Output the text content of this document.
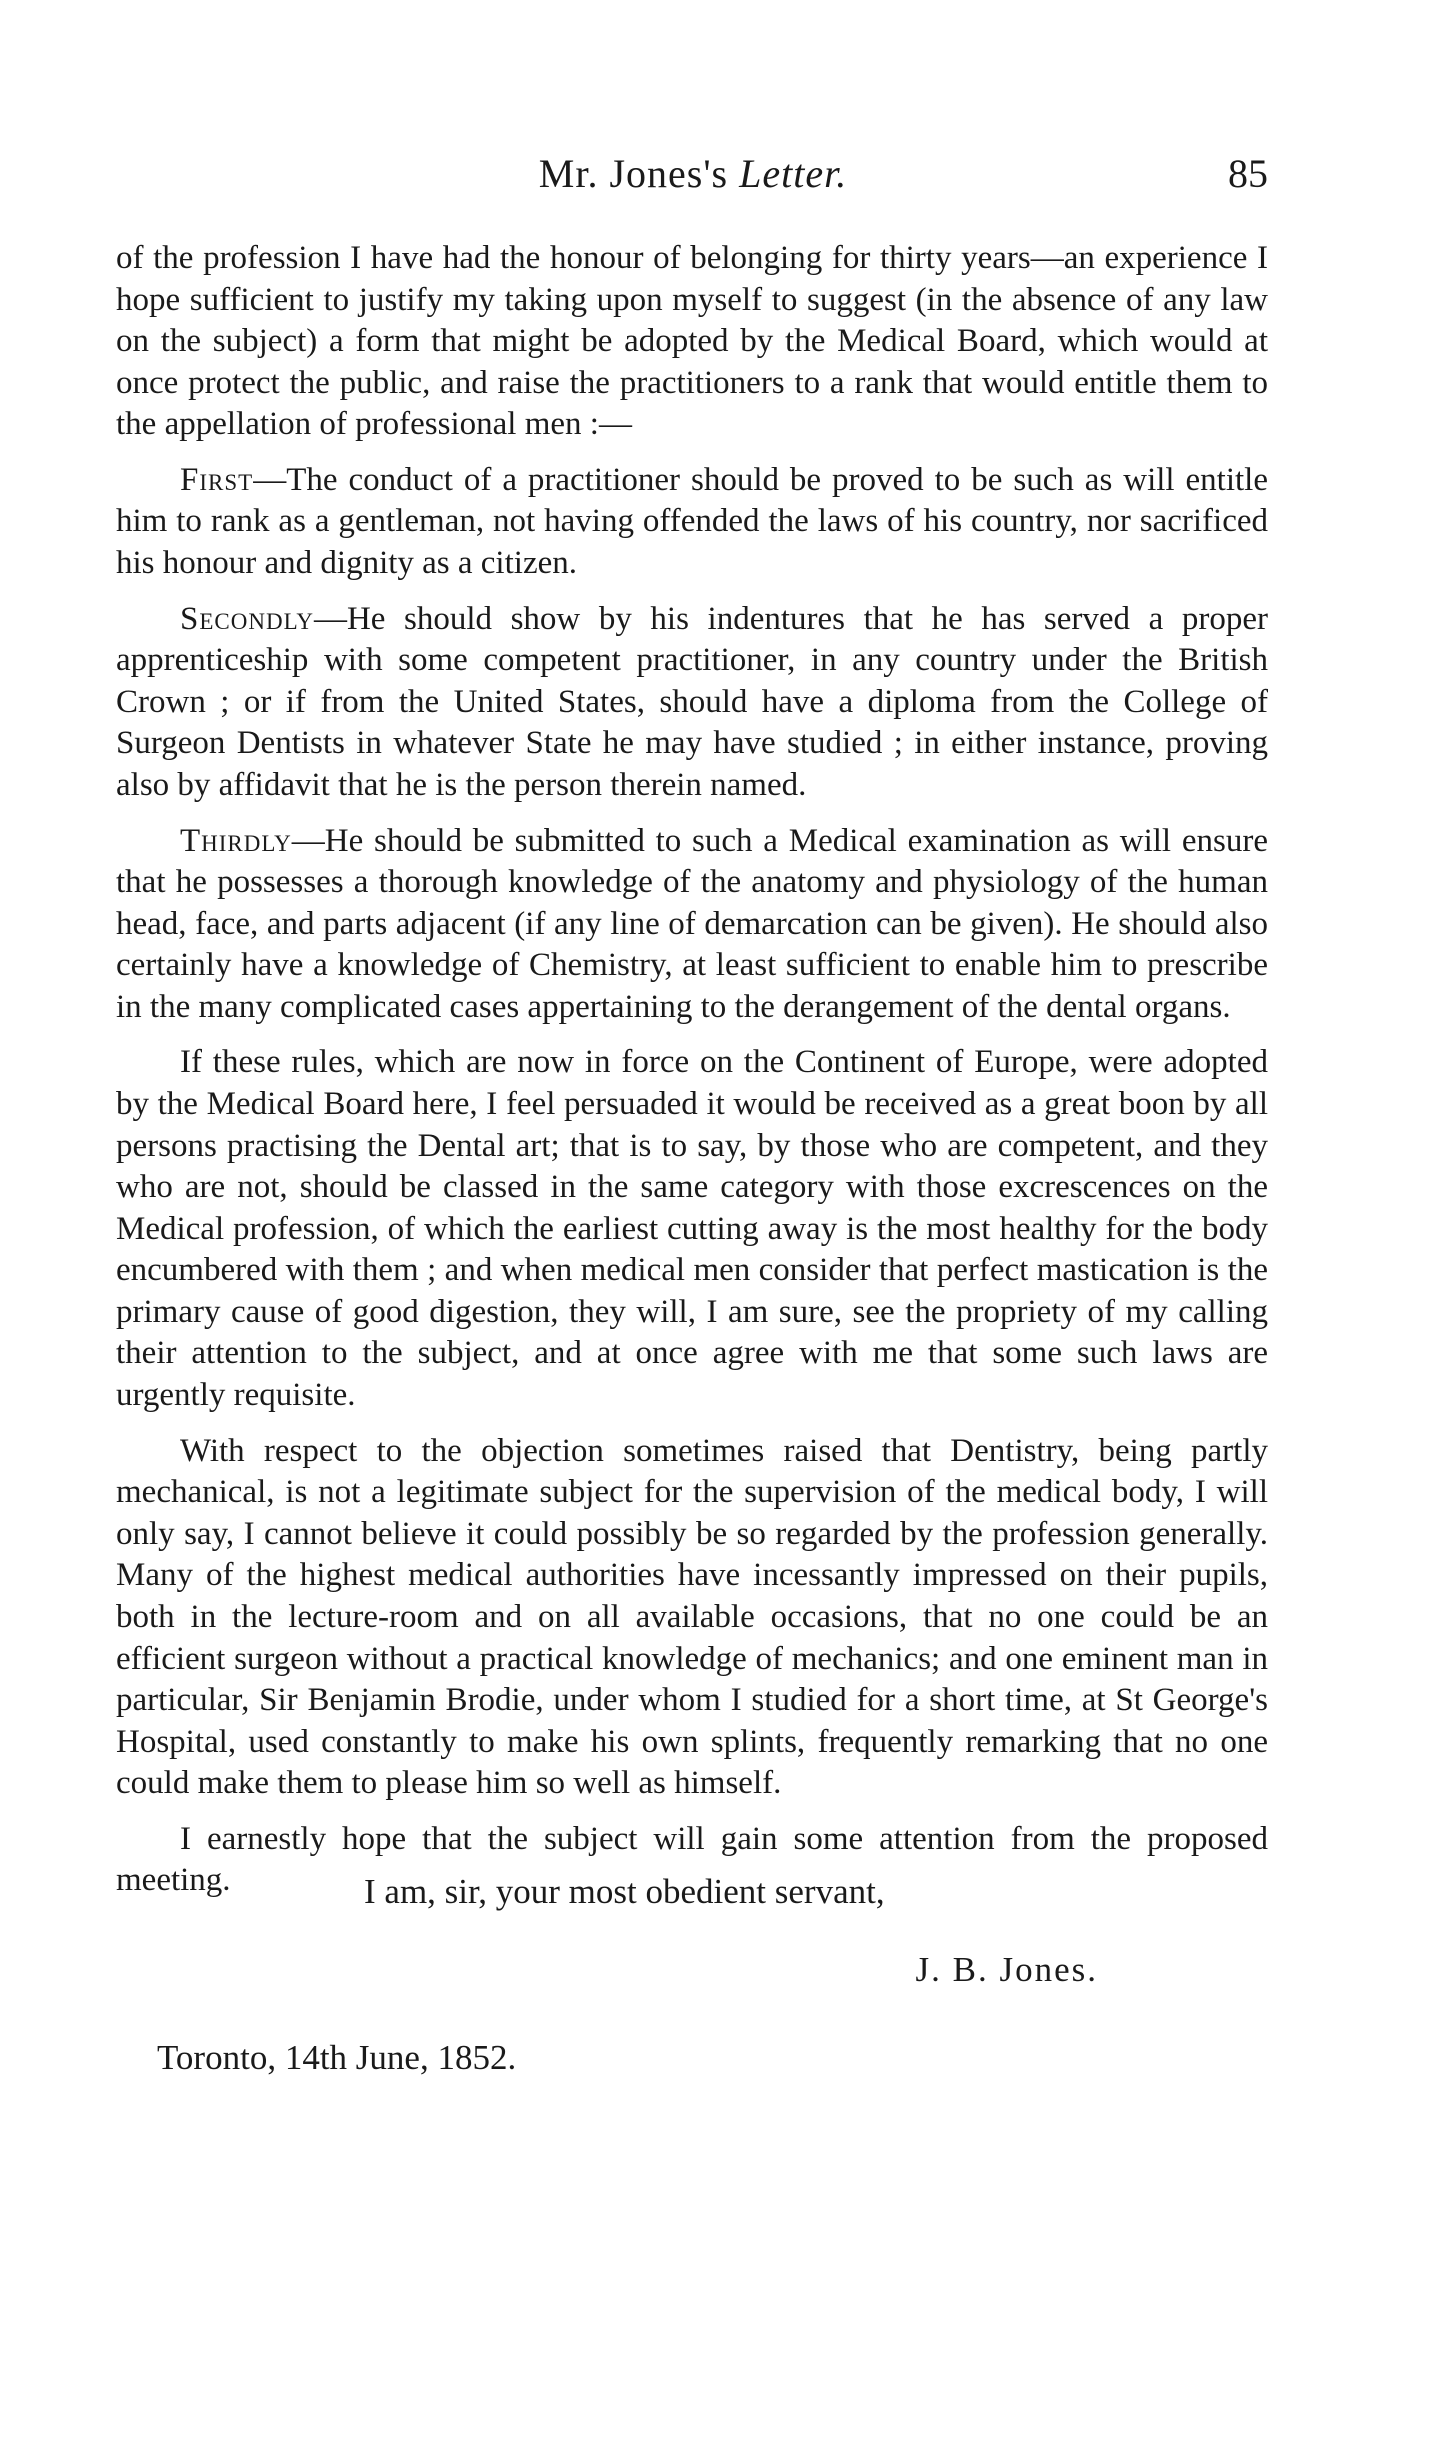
Mr. Jones's Letter.	85

of the profession I have had the honour of belonging for thirty years—an experience I hope sufficient to justify my taking upon myself to suggest (in the absence of any law on the subject) a form that might be adopted by the Medical Board, which would at once protect the public, and raise the practitioners to a rank that would entitle them to the appellation of professional men :—

First—The conduct of a practitioner should be proved to be such as will entitle him to rank as a gentleman, not having offended the laws of his country, nor sacrificed his honour and dignity as a citizen.

Secondly—He should show by his indentures that he has served a proper apprenticeship with some competent practitioner, in any country under the British Crown ; or if from the United States, should have a diploma from the College of Surgeon Dentists in whatever State he may have studied ; in either instance, proving also by affidavit that he is the person therein named.

Thirdly—He should be submitted to such a Medical examination as will ensure that he possesses a thorough knowledge of the anatomy and physiology of the human head, face, and parts adjacent (if any line of demarcation can be given). He should also certainly have a knowledge of Chemistry, at least sufficient to enable him to prescribe in the many complicated cases appertaining to the derangement of the dental organs.

If these rules, which are now in force on the Continent of Europe, were adopted by the Medical Board here, I feel persuaded it would be received as a great boon by all persons practising the Dental art; that is to say, by those who are competent, and they who are not, should be classed in the same category with those excrescences on the Medical profession, of which the earliest cutting away is the most healthy for the body encumbered with them ; and when medical men consider that perfect mastication is the primary cause of good digestion, they will, I am sure, see the propriety of my calling their attention to the subject, and at once agree with me that some such laws are urgently requisite.

With respect to the objection sometimes raised that Dentistry, being partly mechanical, is not a legitimate subject for the supervision of the medical body, I will only say, I cannot believe it could possibly be so regarded by the profession generally. Many of the highest medical authorities have incessantly impressed on their pupils, both in the lecture-room and on all available occasions, that no one could be an efficient surgeon without a practical knowledge of mechanics; and one eminent man in particular, Sir Benjamin Brodie, under whom I studied for a short time, at St George's Hospital, used constantly to make his own splints, frequently remarking that no one could make them to please him so well as himself.

I earnestly hope that the subject will gain some attention from the proposed meeting.	I am, sir, your most obedient servant,
J. B. Jones.
Toronto, 14th June, 1852.
